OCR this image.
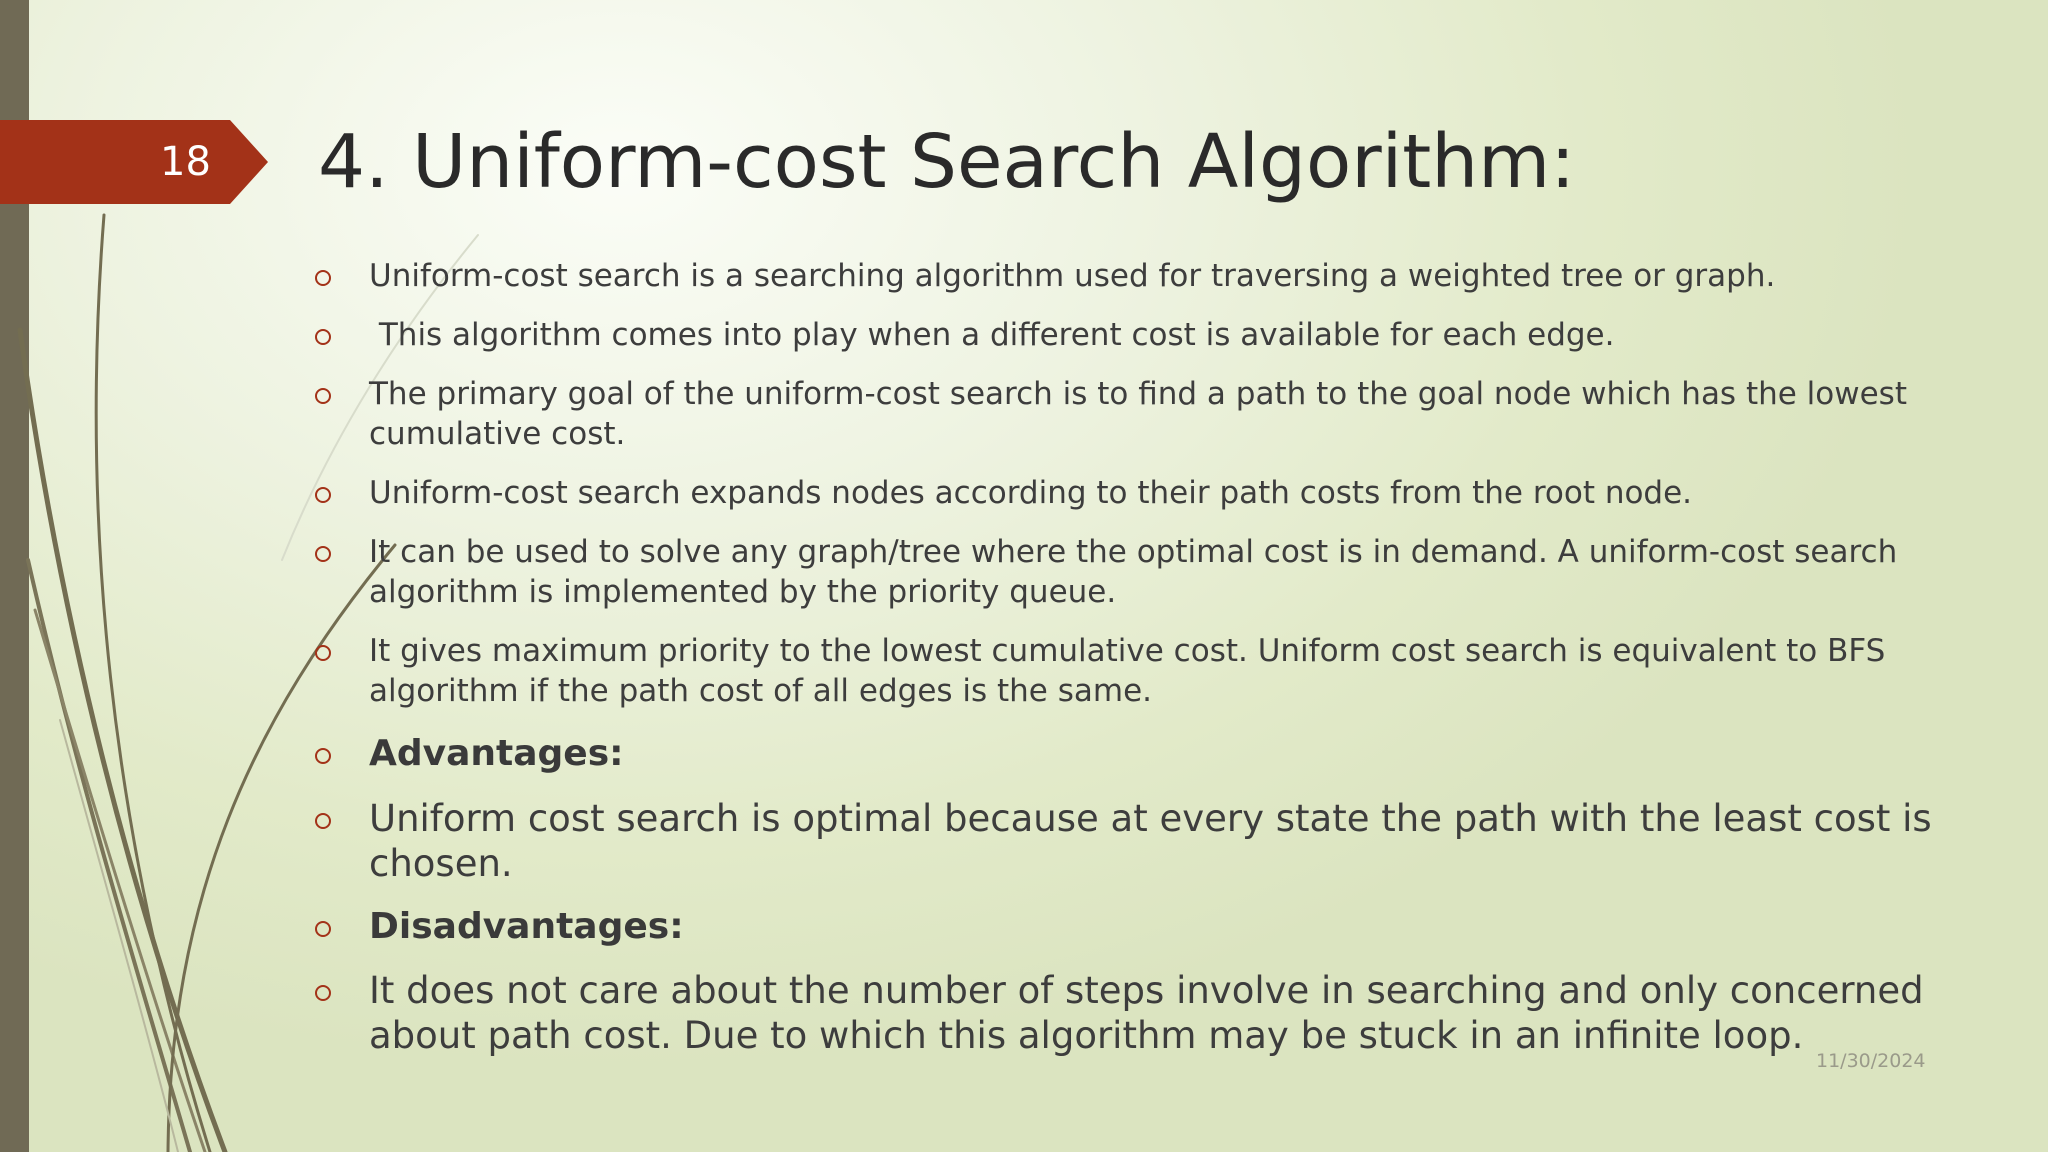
18 4. Uniform-cost Search Algorithm:
Uniform-cost search is a searching algorithm used for traversing a weighted tree or graph.
This algorithm comes into play when a different cost is available for each edge.
The primary goal of the uniform-cost search is to find a path to the goal node which has the lowest cumulative cost.
Uniform-cost search expands nodes according to their path costs from the root node.
It can be used to solve any graph/tree where the optimal cost is in demand. A uniform-cost search algorithm is implemented by the priority queue.
It gives maximum priority to the lowest cumulative cost. Uniform cost search is equivalent to BFS algorithm if the path cost of all edges is the same.
Advantages:
Uniform cost search is optimal because at every state the path with the least cost is chosen.
Disadvantages:
It does not care about the number of steps involve in searching and only concerned about path cost. Due to which this algorithm may be stuck in an infinite loop.
11/30/2024
